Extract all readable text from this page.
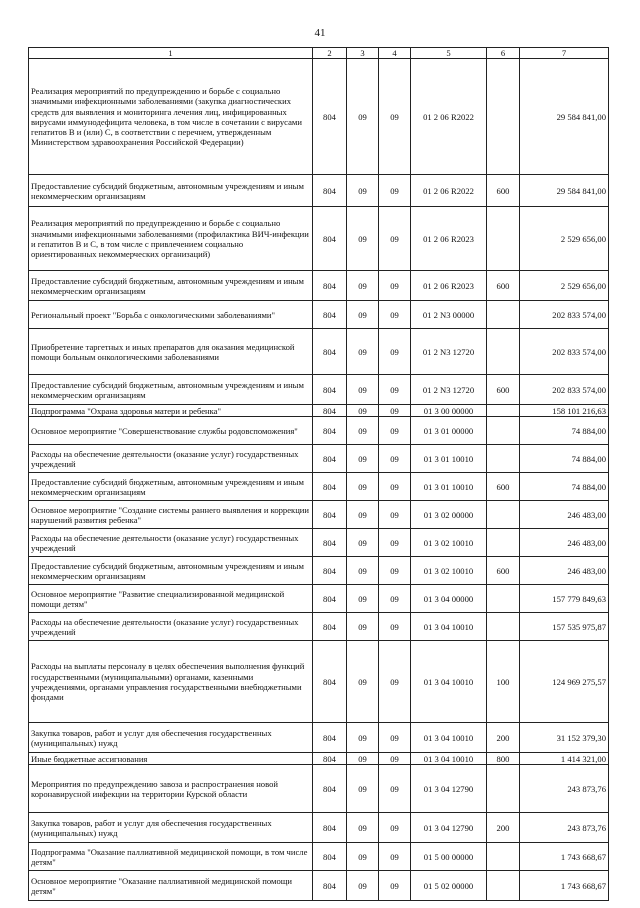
41
1	2	3	4	5	6	7
Реализация мероприятий по предупреждению и борьбе с социально значимыми инфекционными заболеваниями (закупка диагностических средств для выявления и мониторинга лечения лиц, инфицированных вирусами иммунодефицита человека, в том числе в сочетании с вирусами гепатитов B и (или) C, в соответствии с перечнем, утвержденным Министерством здравоохранения Российской Федерации)	804	09	09	01 2 06 R2022		29 584 841,00
Предоставление субсидий бюджетным, автономным учреждениям и иным некоммерческим организациям	804	09	09	01 2 06 R2022	600	29 584 841,00
Реализация мероприятий по предупреждению и борьбе с социально значимыми инфекционными заболеваниями (профилактика ВИЧ-инфекции и гепатитов B и C, в том числе с привлечением социально ориентированных некоммерческих организаций)	804	09	09	01 2 06 R2023		2 529 656,00
Предоставление субсидий бюджетным, автономным учреждениям и иным некоммерческим организациям	804	09	09	01 2 06 R2023	600	2 529 656,00
Региональный проект "Борьба с онкологическими заболеваниями"	804	09	09	01 2 N3 00000		202 833 574,00
Приобретение таргетных и иных препаратов для оказания медицинской помощи больным онкологическими заболеваниями	804	09	09	01 2 N3 12720		202 833 574,00
Предоставление субсидий бюджетным, автономным учреждениям и иным некоммерческим организациям	804	09	09	01 2 N3 12720	600	202 833 574,00
Подпрограмма "Охрана здоровья матери и ребенка"	804	09	09	01 3 00 00000		158 101 216,63
Основное мероприятие "Совершенствование службы родовспоможения"	804	09	09	01 3 01 00000		74 884,00
Расходы на обеспечение деятельности (оказание услуг) государственных учреждений	804	09	09	01 3 01 10010		74 884,00
Предоставление субсидий бюджетным, автономным учреждениям и иным некоммерческим организациям	804	09	09	01 3 01 10010	600	74 884,00
Основное мероприятие "Создание системы раннего выявления и коррекции нарушений развития ребенка"	804	09	09	01 3 02 00000		246 483,00
Расходы на обеспечение деятельности (оказание услуг) государственных учреждений	804	09	09	01 3 02 10010		246 483,00
Предоставление субсидий бюджетным, автономным учреждениям и иным некоммерческим организациям	804	09	09	01 3 02 10010	600	246 483,00
Основное мероприятие "Развитие специализированной медицинской помощи детям"	804	09	09	01 3 04 00000		157 779 849,63
Расходы на обеспечение деятельности (оказание услуг) государственных учреждений	804	09	09	01 3 04 10010		157 535 975,87
Расходы на выплаты персоналу в целях обеспечения выполнения функций государственными (муниципальными) органами, казенными учреждениями, органами управления государственными внебюджетными фондами	804	09	09	01 3 04 10010	100	124 969 275,57
Закупка товаров, работ и услуг для обеспечения государственных (муниципальных) нужд	804	09	09	01 3 04 10010	200	31 152 379,30
Иные бюджетные ассигнования	804	09	09	01 3 04 10010	800	1 414 321,00
Мероприятия по предупреждению завоза и распространения новой коронавирусной инфекции на территории Курской области	804	09	09	01 3 04 12790		243 873,76
Закупка товаров, работ и услуг для обеспечения государственных (муниципальных) нужд	804	09	09	01 3 04 12790	200	243 873,76
Подпрограмма "Оказание паллиативной медицинской помощи, в том числе детям"	804	09	09	01 5 00 00000		1 743 668,67
Основное мероприятие "Оказание паллиативной медицинской помощи детям"	804	09	09	01 5 02 00000		1 743 668,67
